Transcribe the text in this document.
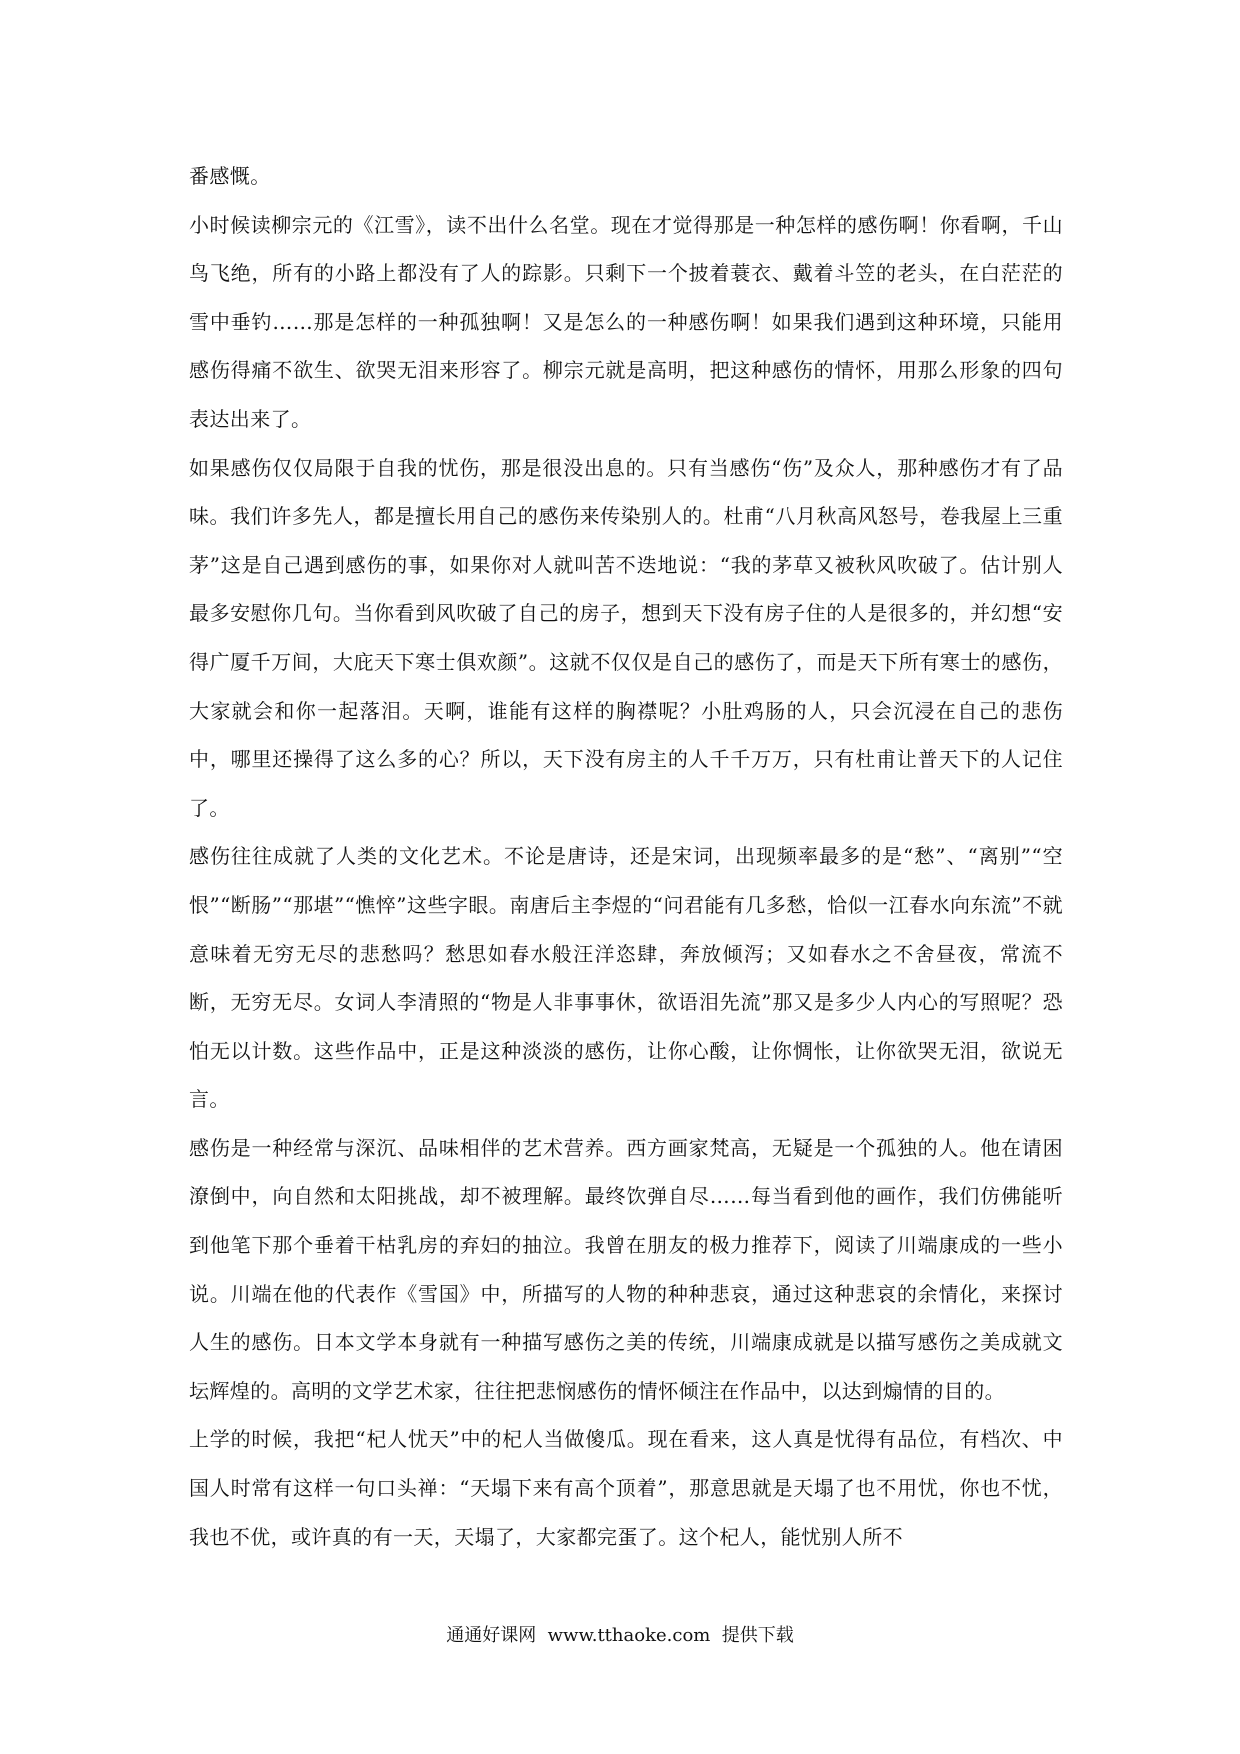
番感慨。

小时候读柳宗元的《江雪》，读不出什么名堂。现在才觉得那是一种怎样的感伤啊！你看啊，千山鸟飞绝，所有的小路上都没有了人的踪影。只剩下一个披着蓑衣、戴着斗笠的老头，在白茫茫的雪中垂钓……那是怎样的一种孤独啊！又是怎么的一种感伤啊！如果我们遇到这种环境，只能用感伤得痛不欲生、欲哭无泪来形容了。柳宗元就是高明，把这种感伤的情怀，用那么形象的四句表达出来了。

如果感伤仅仅局限于自我的忧伤，那是很没出息的。只有当感伤“伤”及众人，那种感伤才有了品味。我们许多先人，都是擅长用自己的感伤来传染别人的。杜甫“八月秋高风怒号，卷我屋上三重茅”这是自己遇到感伤的事，如果你对人就叫苦不迭地说：“我的茅草又被秋风吹破了。估计别人最多安慰你几句。当你看到风吹破了自己的房子，想到天下没有房子住的人是很多的，并幻想“安得广厦千万间，大庇天下寒士俱欢颜”。这就不仅仅是自己的感伤了，而是天下所有寒士的感伤，大家就会和你一起落泪。天啊，谁能有这样的胸襟呢？小肚鸡肠的人，只会沉浸在自己的悲伤中，哪里还操得了这么多的心？所以，天下没有房主的人千千万万，只有杜甫让普天下的人记住了。

感伤往往成就了人类的文化艺术。不论是唐诗，还是宋词，出现频率最多的是“愁”、“离别”“空恨”“断肠”“那堪”“憔悴”这些字眼。南唐后主李煜的“问君能有几多愁，恰似一江春水向东流”不就意味着无穷无尽的悲愁吗？愁思如春水般汪洋恣肆，奔放倾泻；又如春水之不舍昼夜，常流不断，无穷无尽。女词人李清照的“物是人非事事休，欲语泪先流”那又是多少人内心的写照呢？恐怕无以计数。这些作品中，正是这种淡淡的感伤，让你心酸，让你惆怅，让你欲哭无泪，欲说无言。

感伤是一种经常与深沉、品味相伴的艺术营养。西方画家梵高，无疑是一个孤独的人。他在请困潦倒中，向自然和太阳挑战，却不被理解。最终饮弹自尽……每当看到他的画作，我们仿佛能听到他笔下那个垂着干枯乳房的弃妇的抽泣。我曾在朋友的极力推荐下，阅读了川端康成的一些小说。川端在他的代表作《雪国》中，所描写的人物的种种悲哀，通过这种悲哀的余情化，来探讨人生的感伤。日本文学本身就有一种描写感伤之美的传统，川端康成就是以描写感伤之美成就文坛辉煌的。高明的文学艺术家，往往把悲悯感伤的情怀倾注在作品中，以达到煽情的目的。

上学的时候，我把“杞人忧天”中的杞人当做傻瓜。现在看来，这人真是忧得有品位，有档次、中国人时常有这样一句口头禅：“天塌下来有高个顶着”，那意思就是天塌了也不用忧，你也不忧，我也不优，或许真的有一天，天塌了，大家都完蛋了。这个杞人，能忧别人所不

通通好课网  www.tthaoke.com  提供下载
